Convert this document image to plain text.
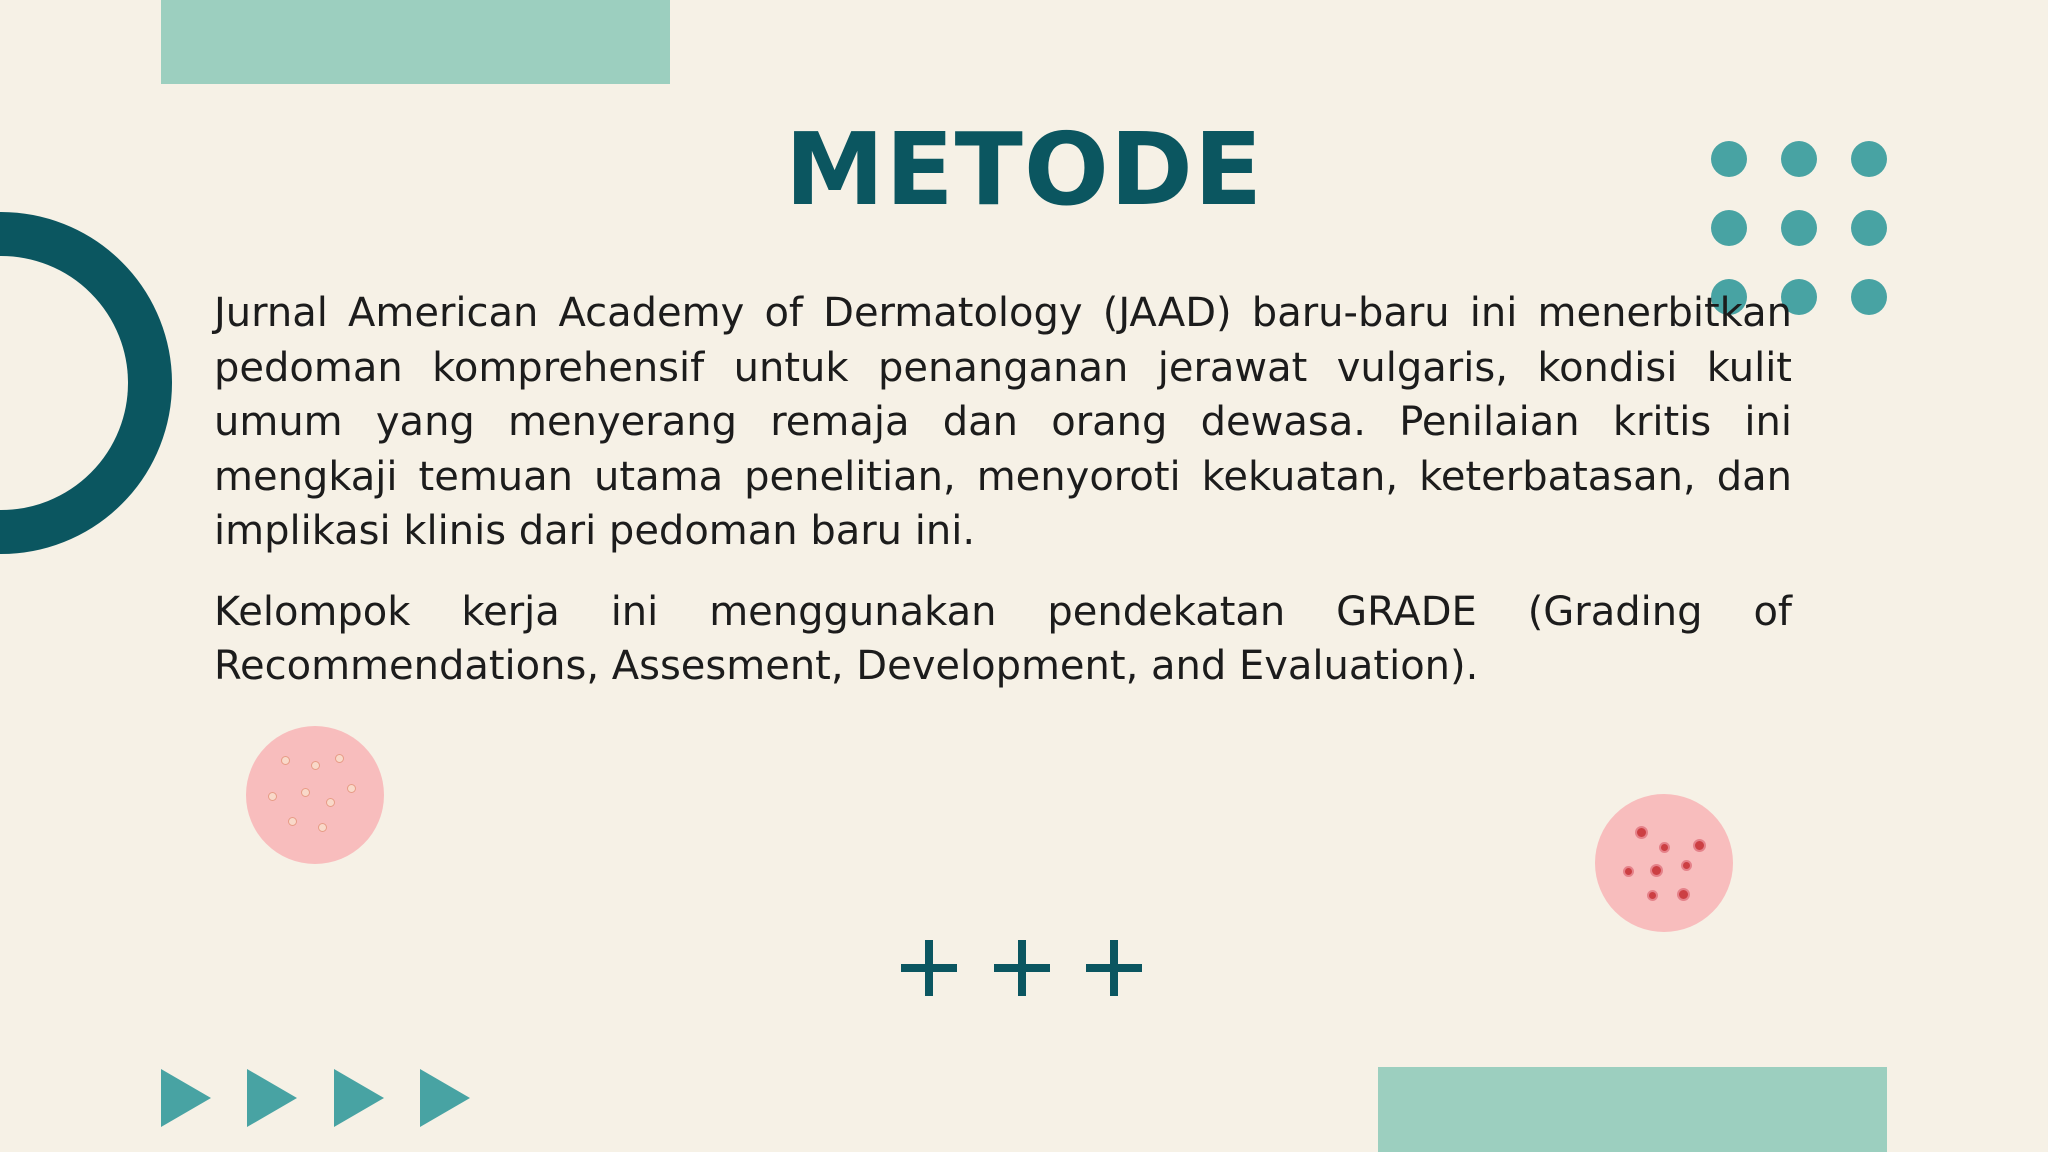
METODE

Jurnal American Academy of Dermatology (JAAD) baru-baru ini menerbitkan pedoman komprehensif untuk penanganan jerawat vulgaris, kondisi kulit umum yang menyerang remaja dan orang dewasa. Penilaian kritis ini mengkaji temuan utama penelitian, menyoroti kekuatan, keterbatasan, dan implikasi klinis dari pedoman baru ini.

Kelompok kerja ini menggunakan pendekatan GRADE (Grading of Recommendations, Assesment, Development, and Evaluation).
